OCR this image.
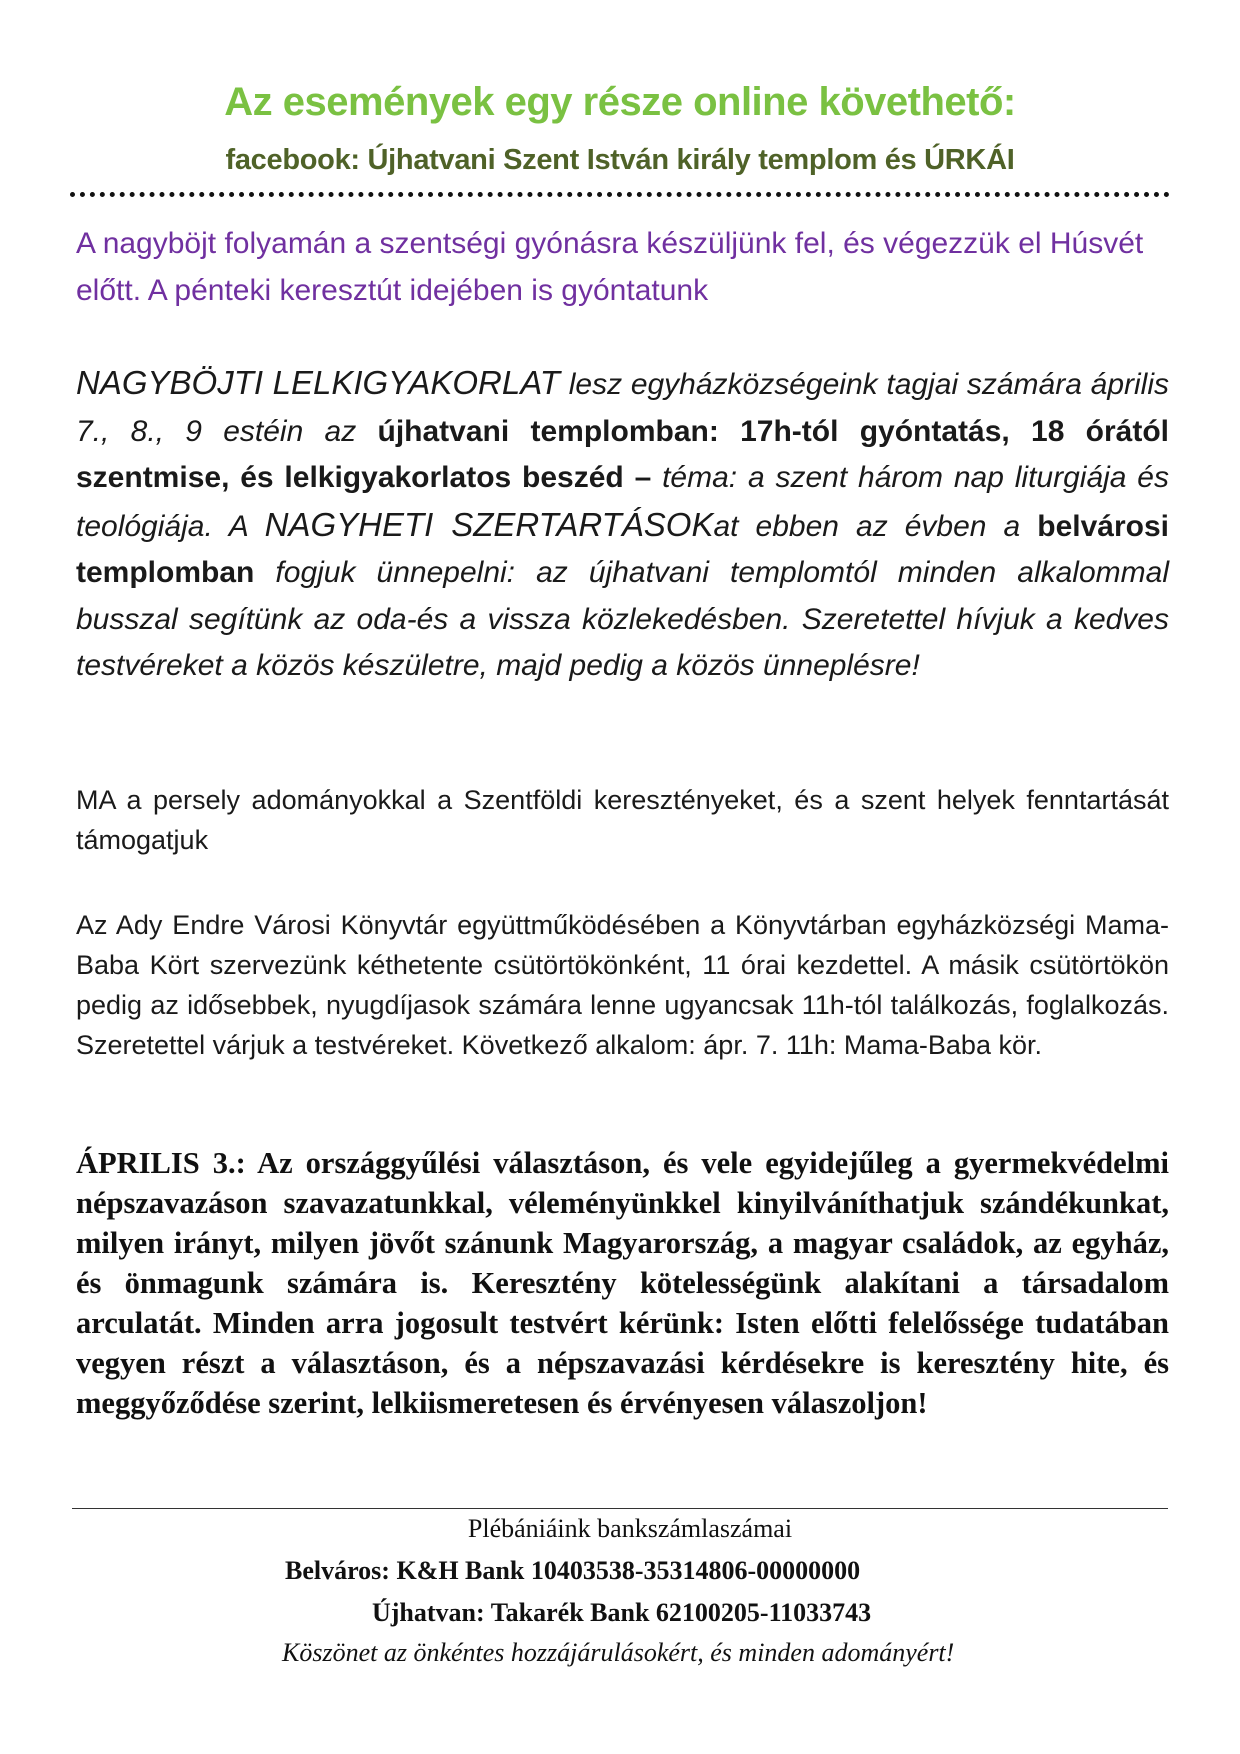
Az események egy része online követhető:
facebook: Újhatvani Szent István király templom és ÚRKÁI
A nagyböjt folyamán a szentségi gyónásra készüljünk fel, és végezzük el Húsvét előtt. A pénteki keresztút idejében is gyóntatunk
NAGYBÖJTI LELKIGYAKORLAT lesz egyházközségeink tagjai számára április 7., 8., 9 estéin az újhatvani templomban: 17h-tól gyóntatás, 18 órától szentmise, és lelkigyakorlatos beszéd – téma: a szent három nap liturgiája és teológiája. A NAGYHETI SZERTARTÁSOKat ebben az évben a belvárosi templomban fogjuk ünnepelni: az újhatvani templomtól minden alkalommal busszal segítünk az oda-és a vissza közlekedésben. Szeretettel hívjuk a kedves testvéreket a közös készületre, majd pedig a közös ünneplésre!
MA a persely adományokkal a Szentföldi keresztényeket, és a szent helyek fenntartását támogatjuk
Az Ady Endre Városi Könyvtár együttműködésében a Könyvtárban egyházközségi Mama-Baba Kört szervezünk kéthetente csütörtökönként, 11 órai kezdettel. A másik csütörtökön pedig az idősebbek, nyugdíjasok számára lenne ugyancsak 11h-tól találkozás, foglalkozás. Szeretettel várjuk a testvéreket. Következő alkalom: ápr. 7. 11h: Mama-Baba kör.
ÁPRILIS 3.: Az országgyűlési választáson, és vele egyidejűleg a gyermekvédelmi népszavazáson szavazatunkkal, véleményünkkel kinyilváníthatjuk szándékunkat, milyen irányt, milyen jövőt szánunk Magyarország, a magyar családok, az egyház, és önmagunk számára is. Keresztény kötelességünk alakítani a társadalom arculatát. Minden arra jogosult testvért kérünk: Isten előtti felelőssége tudatában vegyen részt a választáson, és a népszavazási kérdésekre is keresztény hite, és meggyőződése szerint, lelkiismeretesen és érvényesen válaszoljon!
Plébániáink bankszámlaszámai
Belváros: K&H Bank 10403538-35314806-00000000
Újhatvan: Takarék Bank 62100205-11033743
Köszönet az önkéntes hozzájárulásokért, és minden adományért!
